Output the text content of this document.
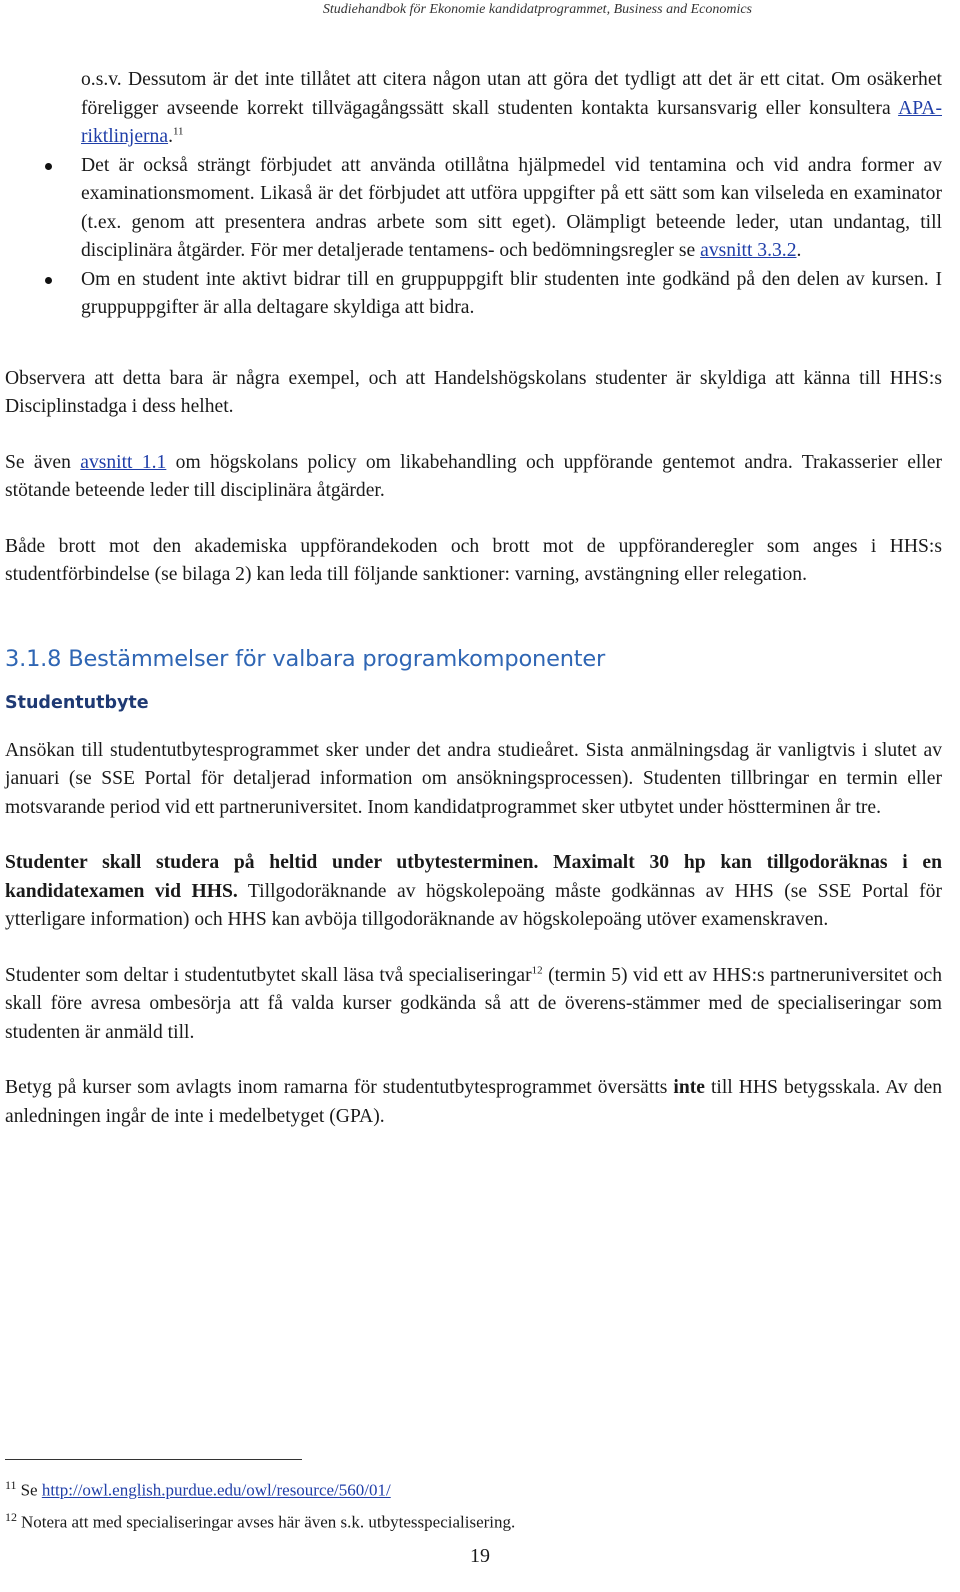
Studiehandbok för Ekonomie kandidatprogrammet, Business and Economics

o.s.v. Dessutom är det inte tillåtet att citera någon utan att göra det tydligt att det är ett citat. Om osäkerhet föreligger avseende korrekt tillvägagångssätt skall studenten kontakta kursansvarig eller konsultera APA-riktlinjerna.$^{11}$

Det är också strängt förbjudet att använda otillåtna hjälpmedel vid tentamina och vid andra former av examinationsmoment. Likaså är det förbjudet att utföra uppgifter på ett sätt som kan vilseleda en examinator (t.ex. genom att presentera andras arbete som sitt eget). Olämpligt beteende leder, utan undantag, till disciplinära åtgärder. För mer detaljerade tentamens- och bedömningsregler se avsnitt 3.3.2.

Om en student inte aktivt bidrar till en gruppuppgift blir studenten inte godkänd på den delen av kursen. I gruppuppgifter är alla deltagare skyldiga att bidra.

Observera att detta bara är några exempel, och att Handelshögskolans studenter är skyldiga att känna till HHS:s Disciplinstadga i dess helhet.

Se även avsnitt 1.1 om högskolans policy om likabehandling och uppförande gentemot andra. Trakasserier eller stötande beteende leder till disciplinära åtgärder.

Både brott mot den akademiska uppförandekoden och brott mot de uppföranderegler som anges i HHS:s studentförbindelse (se bilaga 2) kan leda till följande sanktioner: varning, avstängning eller relegation.

3.1.8 Bestämmelser för valbara programkomponenter
Studentutbyte

Ansökan till studentutbytesprogrammet sker under det andra studieåret. Sista anmälningsdag är vanligtvis i slutet av januari (se SSE Portal för detaljerad information om ansökningsprocessen). Studenten tillbringar en termin eller motsvarande period vid ett partneruniversitet. Inom kandidatprogrammet sker utbytet under höstterminen år tre.

Studenter skall studera på heltid under utbytesterminen. Maximalt 30 hp kan tillgodoräknas i en kandidatexamen vid HHS. Tillgodoräknande av högskolepoäng måste godkännas av HHS (se SSE Portal för ytterligare information) och HHS kan avböja tillgodoräknande av högskolepoäng utöver examenskraven.

Studenter som deltar i studentutbytet skall läsa två specialiseringar$^{12}$ (termin 5) vid ett av HHS:s partneruniversitet och skall före avresa ombesörja att få valda kurser godkända så att de överens-stämmer med de specialiseringar som studenten är anmäld till.

Betyg på kurser som avlagts inom ramarna för studentutbytesprogrammet översätts inte till HHS betygsskala. Av den anledningen ingår de inte i medelbetyget (GPA).

$^{11}$ Se http://owl.english.purdue.edu/owl/resource/560/01/
$^{12}$ Notera att med specialiseringar avses här även s.k. utbytesspecialisering.
19
